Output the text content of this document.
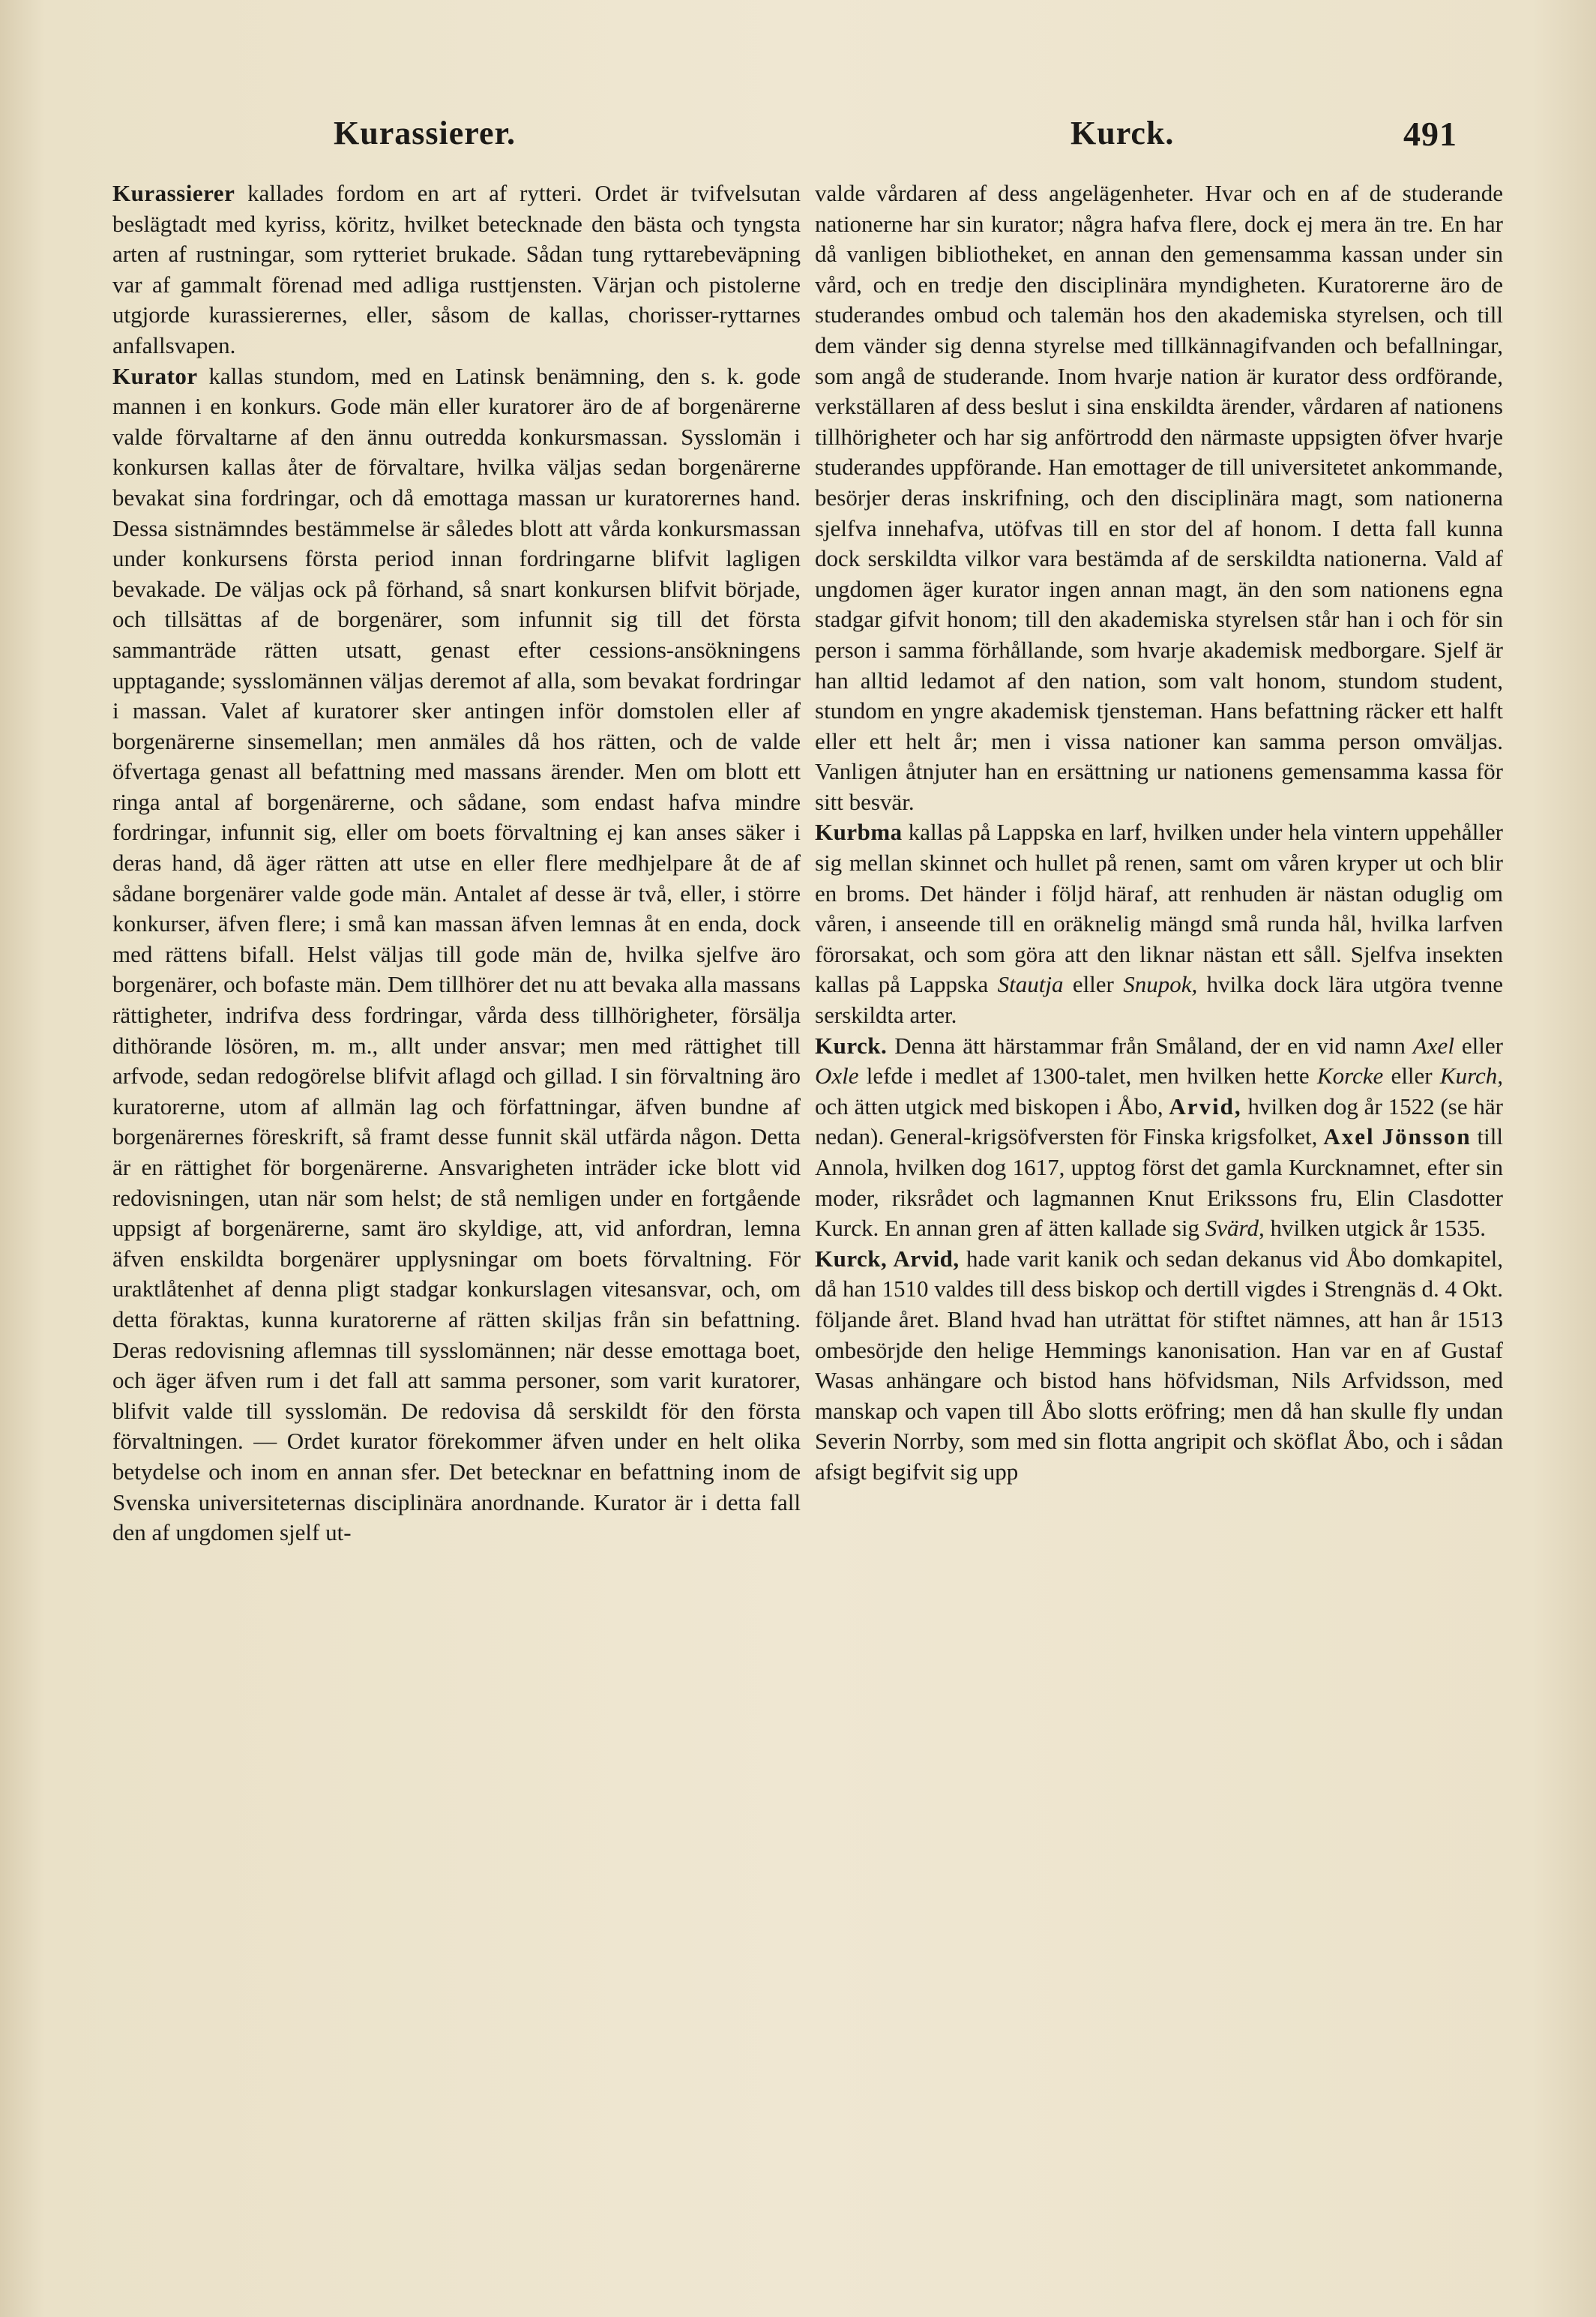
Kurassierer.	Kurck.	491

Kurassierer kallades fordom en art af rytteri. Ordet är tvifvelsutan beslägtadt med kyriss, köritz, hvilket betecknade den bästa och tyngsta arten af rustningar, som rytteriet brukade. Sådan tung ryttarebeväpning var af gammalt förenad med adliga rusttjensten. Värjan och pistolerne utgjorde kurassierernes, eller, såsom de kallas, chorisser-ryttarnes anfallsvapen.

Kurator kallas stundom, med en Latinsk benämning, den s. k. gode mannen i en konkurs. Gode män eller kuratorer äro de af borgenärerne valde förvaltarne af den ännu outredda konkursmassan. Sysslomän i konkursen kallas åter de förvaltare, hvilka väljas sedan borgenärerne bevakat sina fordringar, och då emottaga massan ur kuratorernes hand. Dessa sistnämndes bestämmelse är således blott att vårda konkursmassan under konkursens första period innan fordringarne blifvit lagligen bevakade. De väljas ock på förhand, så snart konkursen blifvit började, och tillsättas af de borgenärer, som infunnit sig till det första sammanträde rätten utsatt, genast efter cessions-ansökningens upptagande; sysslomännen väljas deremot af alla, som bevakat fordringar i massan. Valet af kuratorer sker antingen inför domstolen eller af borgenärerne sinsemellan; men anmäles då hos rätten, och de valde öfvertaga genast all befattning med massans ärender. Men om blott ett ringa antal af borgenärerne, och sådane, som endast hafva mindre fordringar, infunnit sig, eller om boets förvaltning ej kan anses säker i deras hand, då äger rätten att utse en eller flere medhjelpare åt de af sådane borgenärer valde gode män. Antalet af desse är två, eller, i större konkurser, äfven flere; i små kan massan äfven lemnas åt en enda, dock med rättens bifall. Helst väljas till gode män de, hvilka sjelfve äro borgenärer, och bofaste män. Dem tillhörer det nu att bevaka alla massans rättigheter, indrifva dess fordringar, vårda dess tillhörigheter, försälja dithörande lösören, m. m., allt under ansvar; men med rättighet till arfvode, sedan redogörelse blifvit aflagd och gillad. I sin förvaltning äro kuratorerne, utom af allmän lag och författningar, äfven bundne af borgenärernes föreskrift, så framt desse funnit skäl utfärda någon. Detta är en rättighet för borgenärerne. Ansvarigheten inträder icke blott vid redovisningen, utan när som helst; de stå nemligen under en fortgående uppsigt af borgenärerne, samt äro skyldige, att, vid anfordran, lemna äfven enskildta borgenärer upplysningar om boets förvaltning. För uraktlåtenhet af denna pligt stadgar konkurslagen vitesansvar, och, om detta föraktas, kunna kuratorerne af rätten skiljas från sin befattning. Deras redovisning aflemnas till sysslomännen; när desse emottaga boet, och äger äfven rum i det fall att samma personer, som varit kuratorer, blifvit valde till sysslomän. De redovisa då serskildt för den första förvaltningen. — Ordet kurator förekommer äfven under en helt olika betydelse och inom en annan sfer. Det betecknar en befattning inom de Svenska universiteternas disciplinära anordnande. Kurator är i detta fall den af ungdomen sjelf ut-

valde vårdaren af dess angelägenheter. Hvar och en af de studerande nationerne har sin kurator; några hafva flere, dock ej mera än tre. En har då vanligen bibliotheket, en annan den gemensamma kassan under sin vård, och en tredje den disciplinära myndigheten. Kuratorerne äro de studerandes ombud och talemän hos den akademiska styrelsen, och till dem vänder sig denna styrelse med tillkännagifvanden och befallningar, som angå de studerande. Inom hvarje nation är kurator dess ordförande, verkställaren af dess beslut i sina enskildta ärender, vårdaren af nationens tillhörigheter och har sig anförtrodd den närmaste uppsigten öfver hvarje studerandes uppförande. Han emottager de till universitetet ankommande, besörjer deras inskrifning, och den disciplinära magt, som nationerna sjelfva innehafva, utöfvas till en stor del af honom. I detta fall kunna dock serskildta vilkor vara bestämda af de serskildta nationerna. Vald af ungdomen äger kurator ingen annan magt, än den som nationens egna stadgar gifvit honom; till den akademiska styrelsen står han i och för sin person i samma förhållande, som hvarje akademisk medborgare. Sjelf är han alltid ledamot af den nation, som valt honom, stundom student, stundom en yngre akademisk tjensteman. Hans befattning räcker ett halft eller ett helt år; men i vissa nationer kan samma person omväljas. Vanligen åtnjuter han en ersättning ur nationens gemensamma kassa för sitt besvär.

Kurbma kallas på Lappska en larf, hvilken under hela vintern uppehåller sig mellan skinnet och hullet på renen, samt om våren kryper ut och blir en broms. Det händer i följd häraf, att renhuden är nästan oduglig om våren, i anseende till en oräknelig mängd små runda hål, hvilka larfven förorsakat, och som göra att den liknar nästan ett såll. Sjelfva insekten kallas på Lappska Stautja eller Snupok, hvilka dock lära utgöra tvenne serskildta arter.

Kurck. Denna ätt härstammar från Småland, der en vid namn Axel eller Oxle lefde i medlet af 1300-talet, men hvilken hette Korcke eller Kurch, och ätten utgick med biskopen i Åbo, Arvid, hvilken dog år 1522 (se här nedan). General-krigsöfversten för Finska krigsfolket, Axel Jönsson till Annola, hvilken dog 1617, upptog först det gamla Kurcknamnet, efter sin moder, riksrådet och lagmannen Knut Erikssons fru, Elin Clasdotter Kurck. En annan gren af ätten kallade sig Svärd, hvilken utgick år 1535.

Kurck, Arvid, hade varit kanik och sedan dekanus vid Åbo domkapitel, då han 1510 valdes till dess biskop och dertill vigdes i Strengnäs d. 4 Okt. följande året. Bland hvad han uträttat för stiftet nämnes, att han år 1513 ombesörjde den helige Hemmings kanonisation. Han var en af Gustaf Wasas anhängare och bistod hans höfvidsman, Nils Arfvidsson, med manskap och vapen till Åbo slotts eröfring; men då han skulle fly undan Severin Norrby, som med sin flotta angripit och sköflat Åbo, och i sådan afsigt begifvit sig upp
